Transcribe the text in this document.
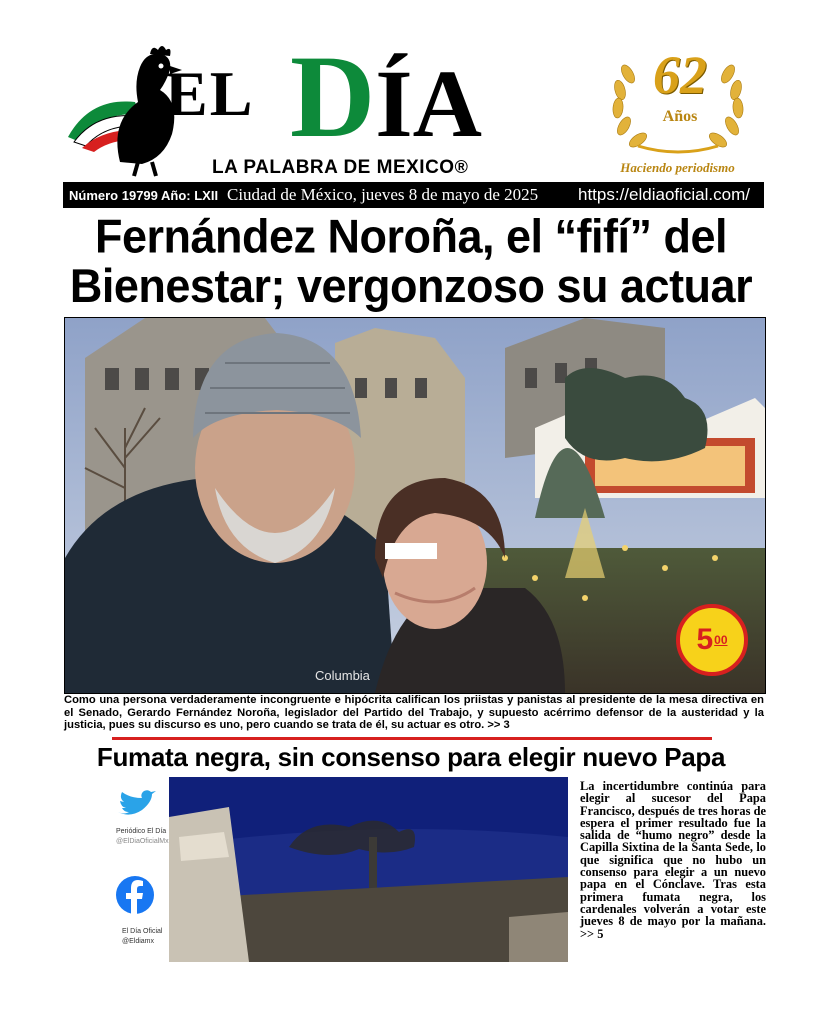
EL DÍA
LA PALABRA DE MEXICO®
62
Años
Haciendo periodismo
Número 19799 Año: LXII Ciudad de México, jueves 8 de mayo de 2025	https://eldiaoficial.com/
Fernández Noroña, el “fifí” del Bienestar; vergonzoso su actuar
Columbia
5 00
Como una persona verdaderamente incongruente e hipócrita califican los priistas y panistas al presidente de la mesa directiva en el Senado, Gerardo Fernández Noroña, legislador del Partido del Trabajo, y supuesto acérrimo defensor de la austeridad y la justicia, pues su discurso es uno, pero cuando se trata de él, su actuar es otro. >> 3
Fumata negra, sin consenso para elegir nuevo Papa
Periódico El Día
@ElDiaOficialMx
El Día Oficial
@Eldiamx
La incertidumbre continúa para elegir al sucesor del Papa Francisco, después de tres horas de espera el primer resultado fue la salida de “humo negro” desde la Capilla Sixtina de la Santa Sede, lo que significa que no hubo un consenso para elegir a un nuevo papa en el Cónclave. Tras esta primera fumata negra, los cardenales volverán a votar este jueves 8 de mayo por la mañana. >> 5
